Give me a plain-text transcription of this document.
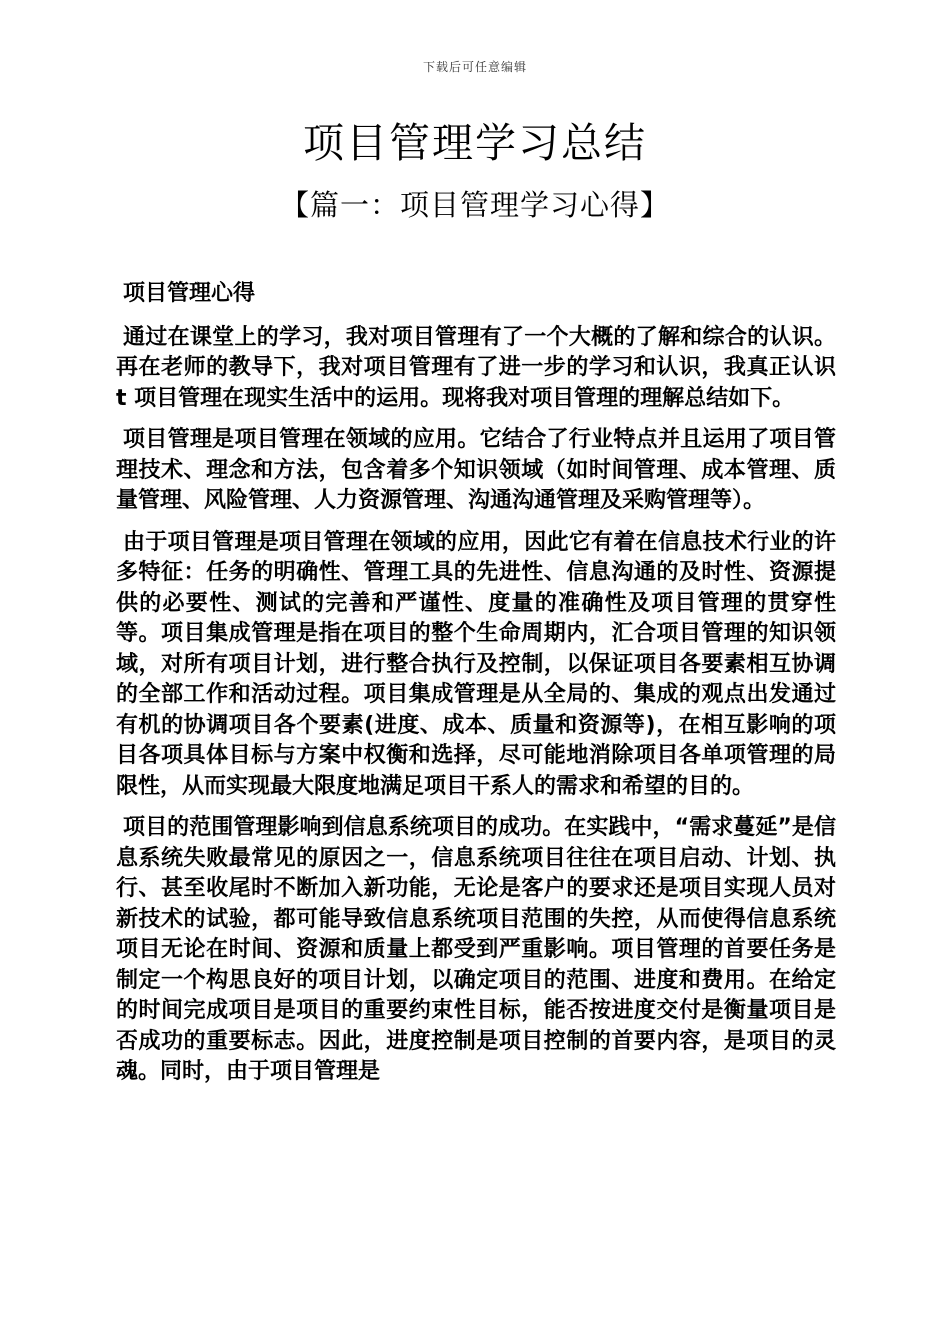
下载后可任意编辑
项目管理学习总结
【篇一：项目管理学习心得】

项目管理心得

通过在课堂上的学习，我对项目管理有了一个大概的了解和综合的认识。再在老师的教导下，我对项目管理有了进一步的学习和认识，我真正认识 t 项目管理在现实生活中的运用。现将我对项目管理的理解总结如下。

项目管理是项目管理在领域的应用。它结合了行业特点并且运用了项目管理技术、理念和方法，包含着多个知识领域（如时间管理、成本管理、质量管理、风险管理、人力资源管理、沟通沟通管理及采购管理等）。

由于项目管理是项目管理在领域的应用，因此它有着在信息技术行业的许多特征：任务的明确性、管理工具的先进性、信息沟通的及时性、资源提供的必要性、测试的完善和严谨性、度量的准确性及项目管理的贯穿性等。项目集成管理是指在项目的整个生命周期内，汇合项目管理的知识领域，对所有项目计划，进行整合执行及控制，以保证项目各要素相互协调的全部工作和活动过程。项目集成管理是从全局的、集成的观点出发通过有机的协调项目各个要素(进度、成本、质量和资源等)，在相互影响的项目各项具体目标与方案中权衡和选择，尽可能地消除项目各单项管理的局限性，从而实现最大限度地满足项目干系人的需求和希望的目的。

项目的范围管理影响到信息系统项目的成功。在实践中，“需求蔓延”是信息系统失败最常见的原因之一，信息系统项目往往在项目启动、计划、执行、甚至收尾时不断加入新功能，无论是客户的要求还是项目实现人员对新技术的试验，都可能导致信息系统项目范围的失控，从而使得信息系统项目无论在时间、资源和质量上都受到严重影响。项目管理的首要任务是制定一个构思良好的项目计划，以确定项目的范围、进度和费用。在给定的时间完成项目是项目的重要约束性目标，能否按进度交付是衡量项目是否成功的重要标志。因此，进度控制是项目控制的首要内容，是项目的灵魂。同时，由于项目管理是
